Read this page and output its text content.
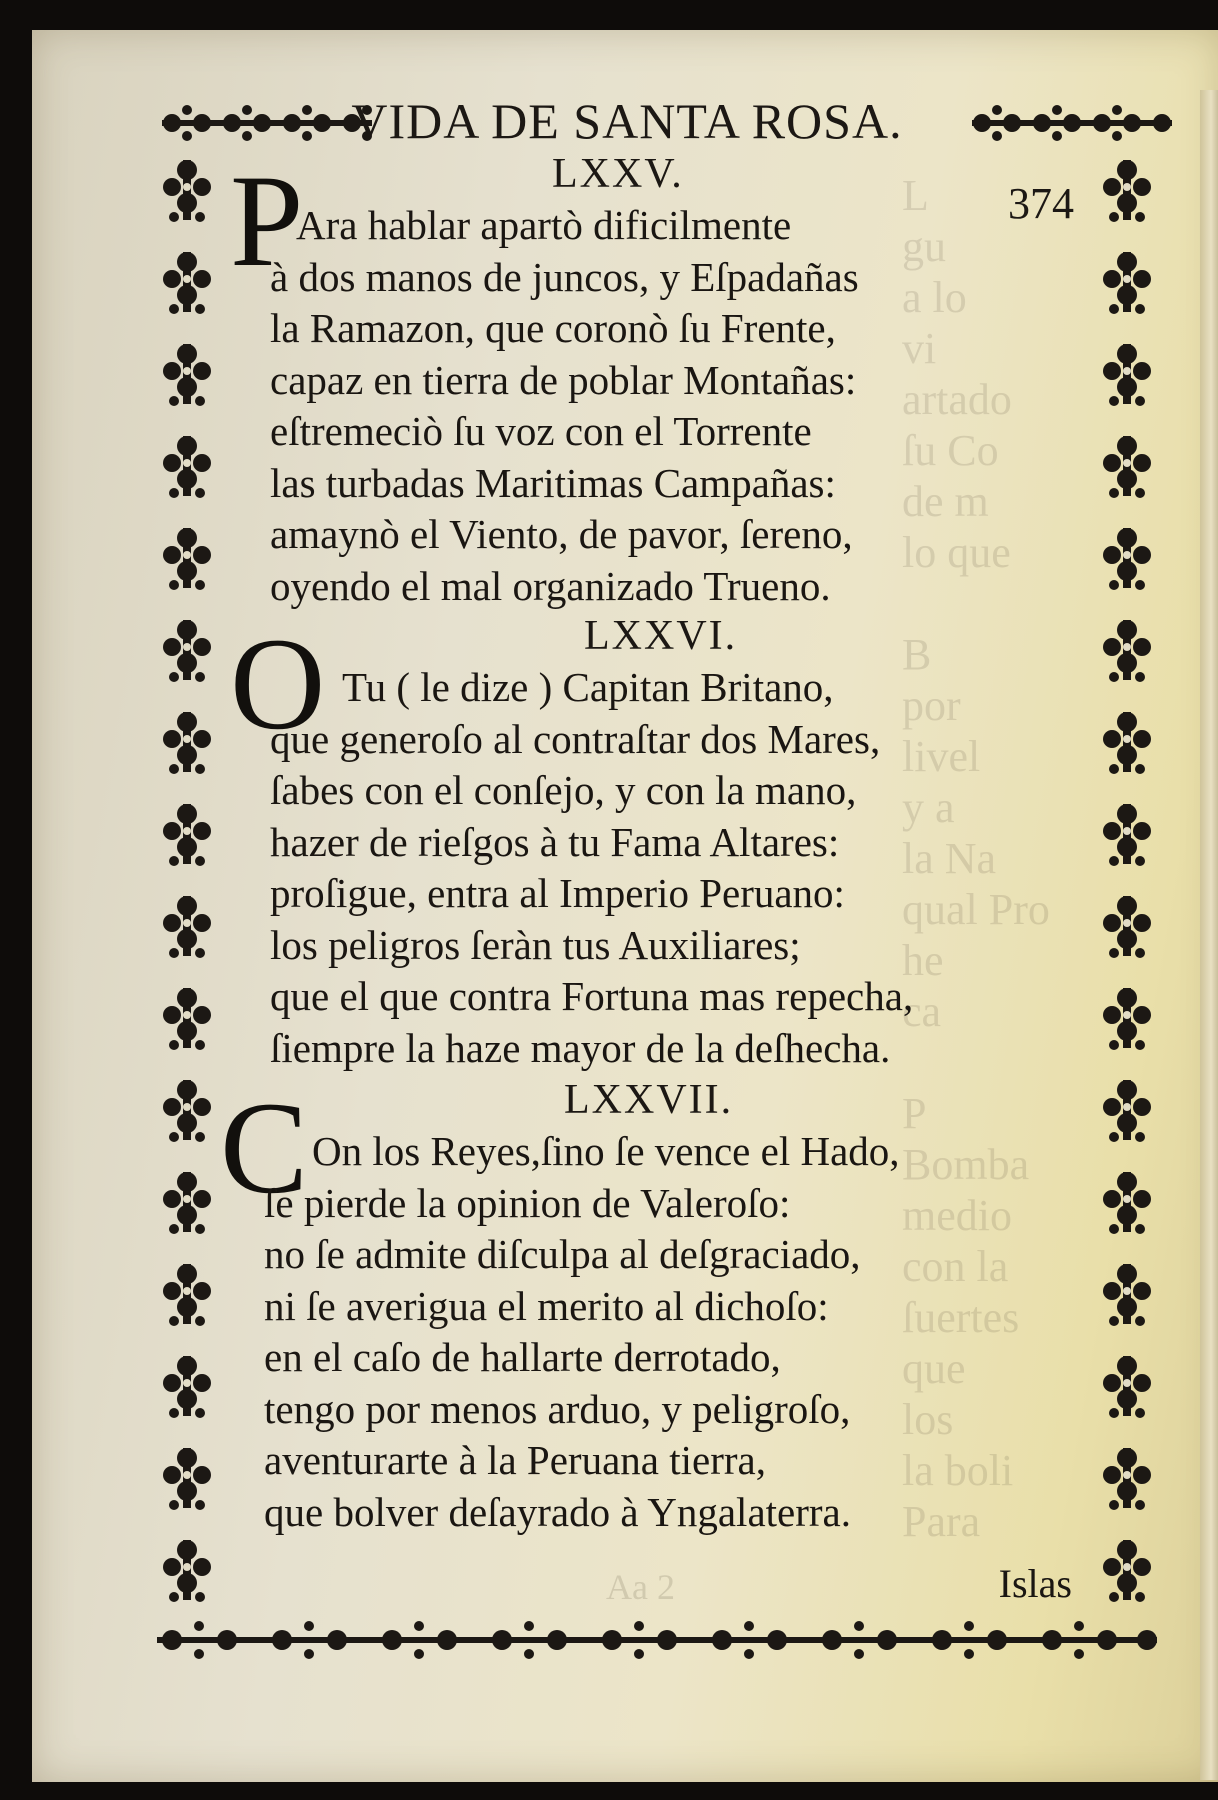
L
gu
a lo
vi
artado
ſu Co
de m
lo que

B
por
livel
y a
la Na
qual Pro
he
ca

P
Bomba
medio
con la
ſuertes
que
los
la boli
Para
Aa 2
VIDA DE SANTA ROSA.
374
LXXV.
P
Ara hablar apartò dificilmente
à dos manos de juncos, y Eſpadañas
la Ramazon, que coronò ſu Frente,
capaz en tierra de poblar Montañas:
eſtremeciò ſu voz con el Torrente
las turbadas Maritimas Campañas:
amaynò el Viento, de pavor, ſereno,
oyendo el mal organizado Trueno.
LXXVI.
O Tu ( le dize ) Capitan Britano,
que generoſo al contraſtar dos Mares,
ſabes con el conſejo, y con la mano,
hazer de rieſgos à tu Fama Altares:
proſigue, entra al Imperio Peruano:
los peligros ſeràn tus Auxiliares;
que el que contra Fortuna mas repecha,
ſiempre la haze mayor de la deſhecha.
LXXVII.
C On los Reyes,ſino ſe vence el Hado,
ſe pierde la opinion de Valeroſo:
no ſe admite diſculpa al deſgraciado,
ni ſe averigua el merito al dichoſo:
en el caſo de hallarte derrotado,
tengo por menos arduo, y peligroſo,
aventurarte à la Peruana tierra,
que bolver deſayrado à Yngalaterra.
Islas
